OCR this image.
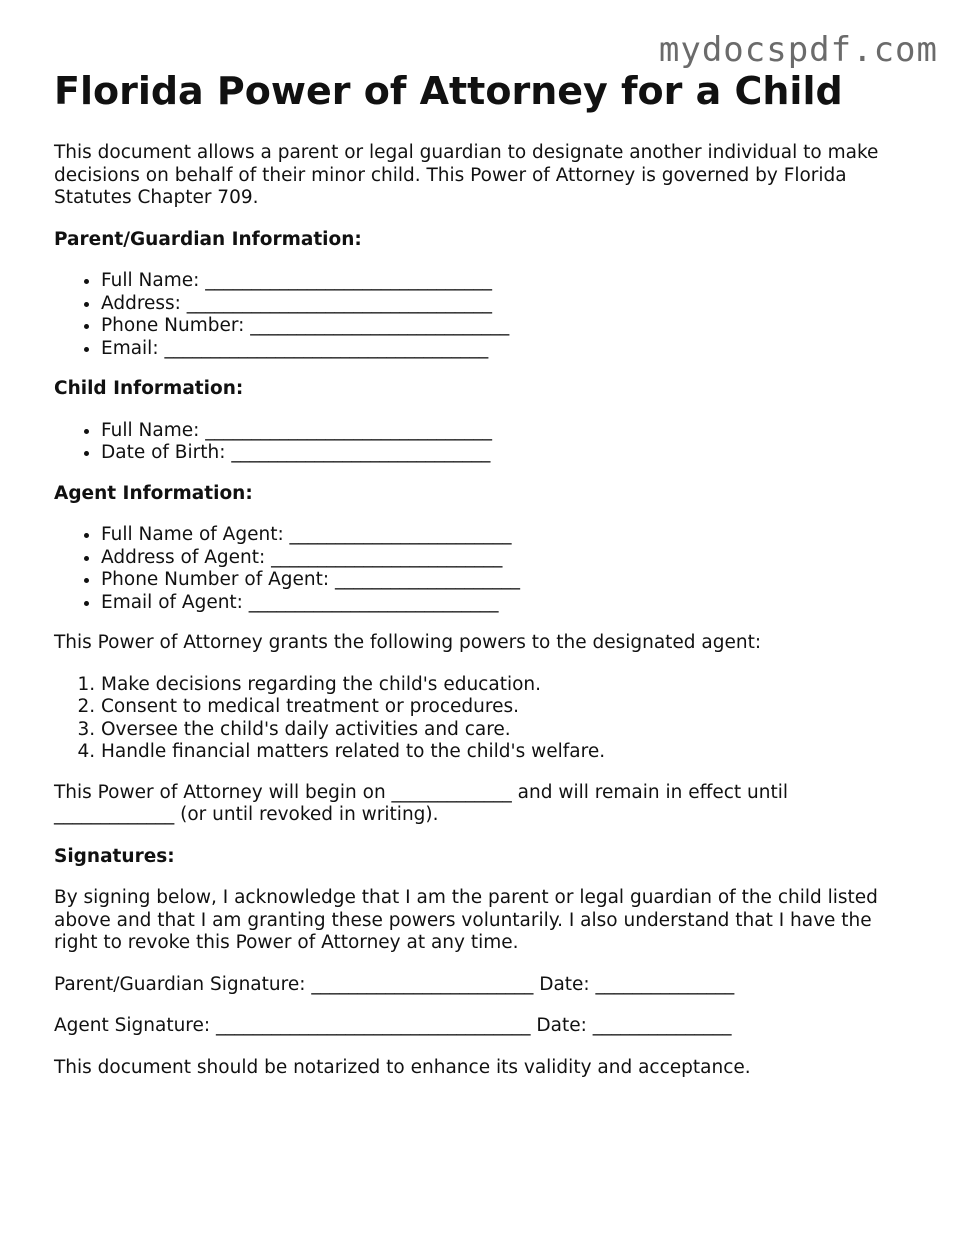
mydocspdf.com
Florida Power of Attorney for a Child

This document allows a parent or legal guardian to designate another individual to make decisions on behalf of their minor child. This Power of Attorney is governed by Florida Statutes Chapter 709.

Parent/Guardian Information:

• Full Name: _______________________________
• Address: _________________________________
• Phone Number: ____________________________
• Email: ___________________________________

Child Information:

• Full Name: _______________________________
• Date of Birth: ____________________________

Agent Information:

• Full Name of Agent: ________________________
• Address of Agent: _________________________
• Phone Number of Agent: ____________________
• Email of Agent: ___________________________

This Power of Attorney grants the following powers to the designated agent:

1. Make decisions regarding the child's education.
2. Consent to medical treatment or procedures.
3. Oversee the child's daily activities and care.
4. Handle financial matters related to the child's welfare.

This Power of Attorney will begin on _____________ and will remain in effect until _____________ (or until revoked in writing).

Signatures:

By signing below, I acknowledge that I am the parent or legal guardian of the child listed above and that I am granting these powers voluntarily. I also understand that I have the right to revoke this Power of Attorney at any time.

Parent/Guardian Signature: ________________________ Date: _______________

Agent Signature: __________________________________ Date: _______________

This document should be notarized to enhance its validity and acceptance.
